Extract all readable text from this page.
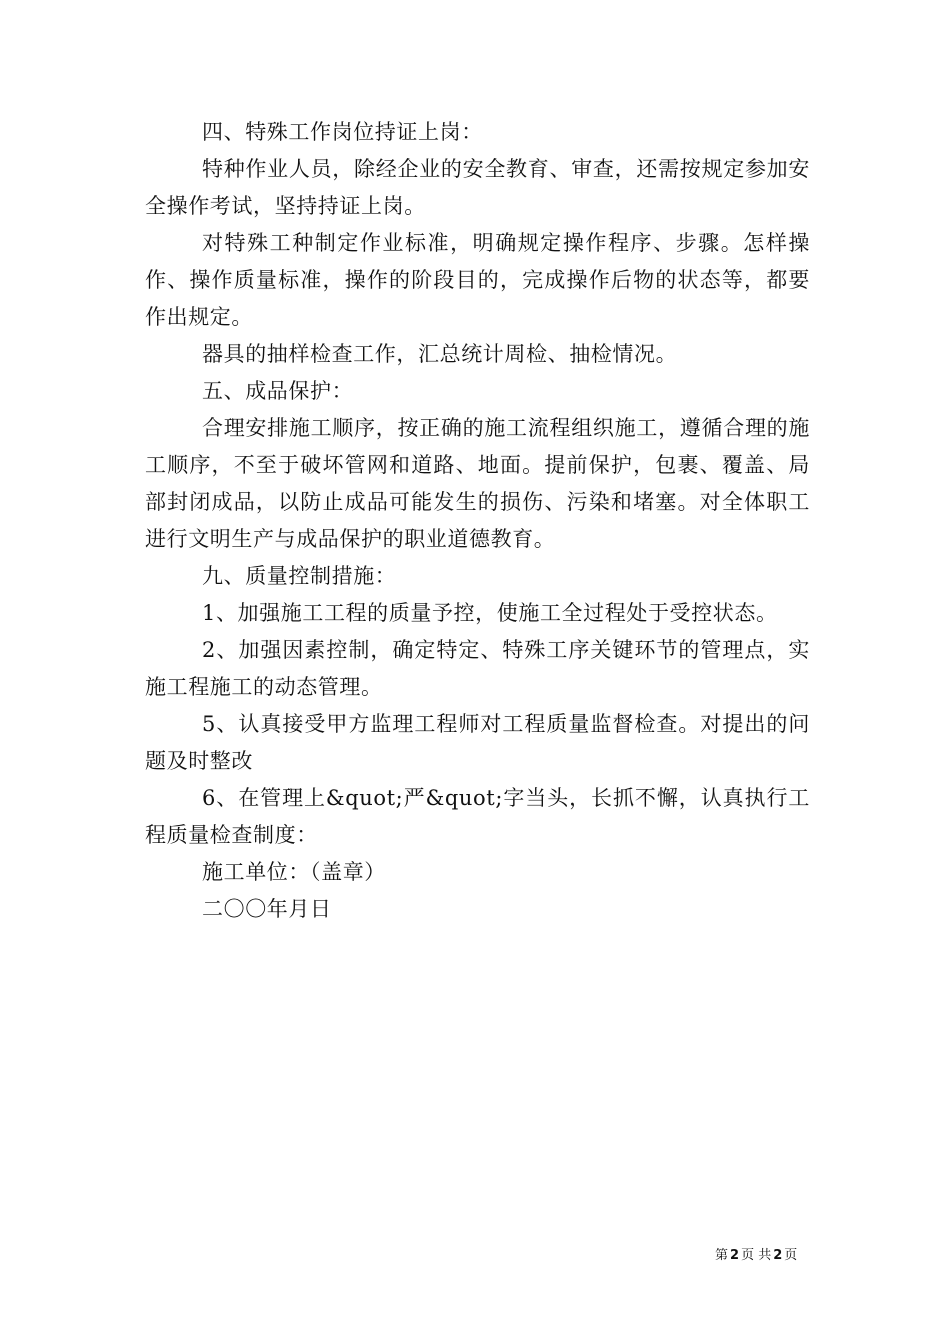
四、特殊工作岗位持证上岗：

特种作业人员，除经企业的安全教育、审查，还需按规定参加安全操作考试，坚持持证上岗。

对特殊工种制定作业标准，明确规定操作程序、步骤。怎样操作、操作质量标准，操作的阶段目的，完成操作后物的状态等，都要作出规定。

器具的抽样检查工作，汇总统计周检、抽检情况。

五、成品保护：

合理安排施工顺序，按正确的施工流程组织施工，遵循合理的施工顺序，不至于破坏管网和道路、地面。提前保护，包裹、覆盖、局部封闭成品，以防止成品可能发生的损伤、污染和堵塞。对全体职工进行文明生产与成品保护的职业道德教育。

九、质量控制措施：

1、加强施工工程的质量予控，使施工全过程处于受控状态。

2、加强因素控制，确定特定、特殊工序关键环节的管理点，实施工程施工的动态管理。

5、认真接受甲方监理工程师对工程质量监督检查。对提出的问题及时整改

6、在管理上&quot;严&quot;字当头，长抓不懈，认真执行工程质量检查制度：

施工单位：（盖章）

二〇〇年月日

第 2 页 共 2 页
